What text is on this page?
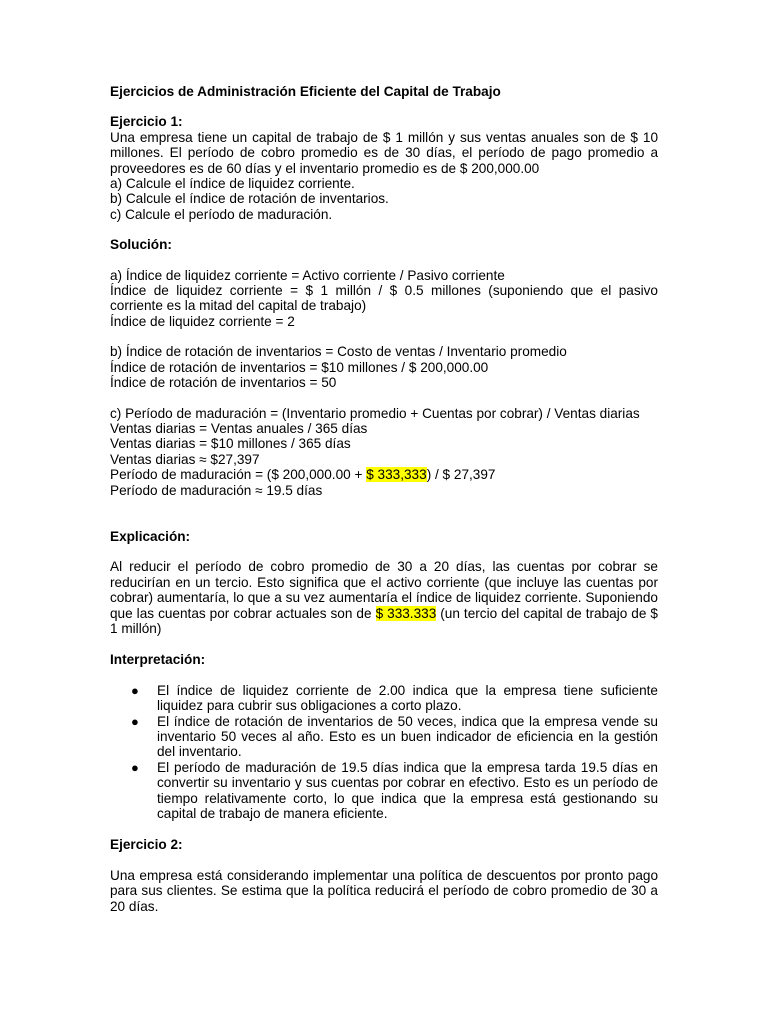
Ejercicios de Administración Eficiente del Capital de Trabajo

Ejercicio 1:

Una empresa tiene un capital de trabajo de $ 1 millón y sus ventas anuales son de $ 10 millones. El período de cobro promedio es de 30 días, el período de pago promedio a proveedores es de 60 días y el inventario promedio es de $ 200,000.00

a) Calcule el índice de liquidez corriente.

b) Calcule el índice de rotación de inventarios.

c) Calcule el período de maduración.

Solución:

a) Índice de liquidez corriente = Activo corriente / Pasivo corriente

Índice de liquidez corriente = $ 1 millón / $ 0.5 millones (suponiendo que el pasivo corriente es la mitad del capital de trabajo)

Índice de liquidez corriente = 2

b) Índice de rotación de inventarios = Costo de ventas / Inventario promedio

Índice de rotación de inventarios = $10 millones / $ 200,000.00

Índice de rotación de inventarios = 50

c) Período de maduración = (Inventario promedio + Cuentas por cobrar) / Ventas diarias

Ventas diarias = Ventas anuales / 365 días

Ventas diarias = $10 millones / 365 días

Ventas diarias ≈ $27,397

Período de maduración = ($ 200,000.00 + $ 333,333) / $ 27,397

Período de maduración ≈ 19.5 días

Explicación:

Al reducir el período de cobro promedio de 30 a 20 días, las cuentas por cobrar se reducirían en un tercio. Esto significa que el activo corriente (que incluye las cuentas por cobrar) aumentaría, lo que a su vez aumentaría el índice de liquidez corriente. Suponiendo que las cuentas por cobrar actuales son de $ 333.333 (un tercio del capital de trabajo de $ 1 millón)

Interpretación:

● El índice de liquidez corriente de 2.00 indica que la empresa tiene suficiente liquidez para cubrir sus obligaciones a corto plazo.
● El índice de rotación de inventarios de 50 veces, indica que la empresa vende su inventario 50 veces al año. Esto es un buen indicador de eficiencia en la gestión del inventario.
● El período de maduración de 19.5 días indica que la empresa tarda 19.5 días en convertir su inventario y sus cuentas por cobrar en efectivo. Esto es un período de tiempo relativamente corto, lo que indica que la empresa está gestionando su capital de trabajo de manera eficiente.

Ejercicio 2:

Una empresa está considerando implementar una política de descuentos por pronto pago para sus clientes. Se estima que la política reducirá el período de cobro promedio de 30 a 20 días.
